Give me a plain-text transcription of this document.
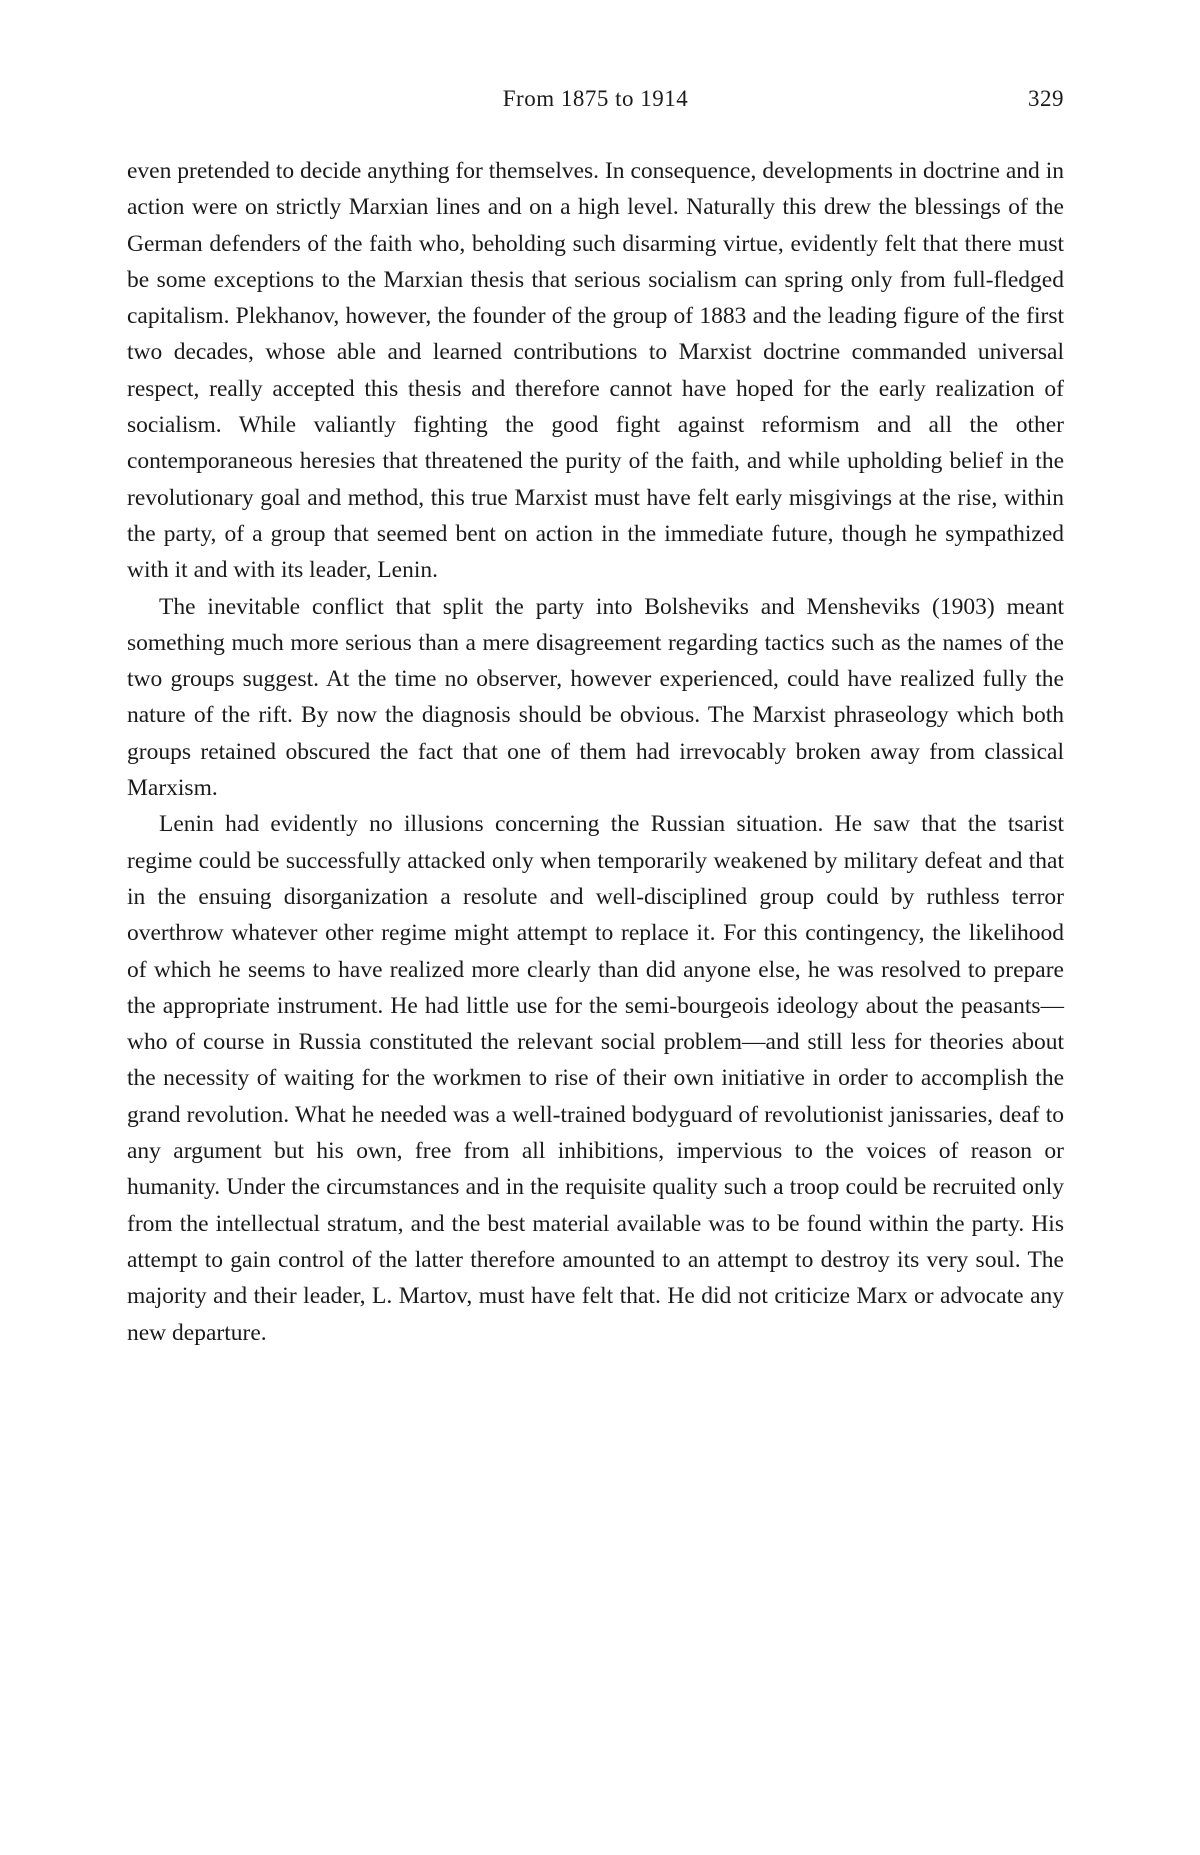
From 1875 to 1914	329

even pretended to decide anything for themselves. In consequence, developments in doctrine and in action were on strictly Marxian lines and on a high level. Naturally this drew the blessings of the German defenders of the faith who, beholding such disarming virtue, evidently felt that there must be some exceptions to the Marxian thesis that serious socialism can spring only from full-fledged capitalism. Plekhanov, however, the founder of the group of 1883 and the leading figure of the first two decades, whose able and learned contributions to Marxist doctrine commanded universal respect, really accepted this thesis and therefore cannot have hoped for the early realization of socialism. While valiantly fighting the good fight against reformism and all the other contemporaneous heresies that threatened the purity of the faith, and while upholding belief in the revolutionary goal and method, this true Marxist must have felt early misgivings at the rise, within the party, of a group that seemed bent on action in the immediate future, though he sympathized with it and with its leader, Lenin.

The inevitable conflict that split the party into Bolsheviks and Mensheviks (1903) meant something much more serious than a mere disagreement regarding tactics such as the names of the two groups suggest. At the time no observer, however experienced, could have realized fully the nature of the rift. By now the diagnosis should be obvious. The Marxist phraseology which both groups retained obscured the fact that one of them had irrevocably broken away from classical Marxism.

Lenin had evidently no illusions concerning the Russian situation. He saw that the tsarist regime could be successfully attacked only when temporarily weakened by military defeat and that in the ensuing disorganization a resolute and well-disciplined group could by ruthless terror overthrow whatever other regime might attempt to replace it. For this contingency, the likelihood of which he seems to have realized more clearly than did anyone else, he was resolved to prepare the appropriate instrument. He had little use for the semi-bourgeois ideology about the peasants—who of course in Russia constituted the relevant social problem—and still less for theories about the necessity of waiting for the workmen to rise of their own initiative in order to accomplish the grand revolution. What he needed was a well-trained bodyguard of revolutionist janissaries, deaf to any argument but his own, free from all inhibitions, impervious to the voices of reason or humanity. Under the circumstances and in the requisite quality such a troop could be recruited only from the intellectual stratum, and the best material available was to be found within the party. His attempt to gain control of the latter therefore amounted to an attempt to destroy its very soul. The majority and their leader, L. Martov, must have felt that. He did not criticize Marx or advocate any new departure.
